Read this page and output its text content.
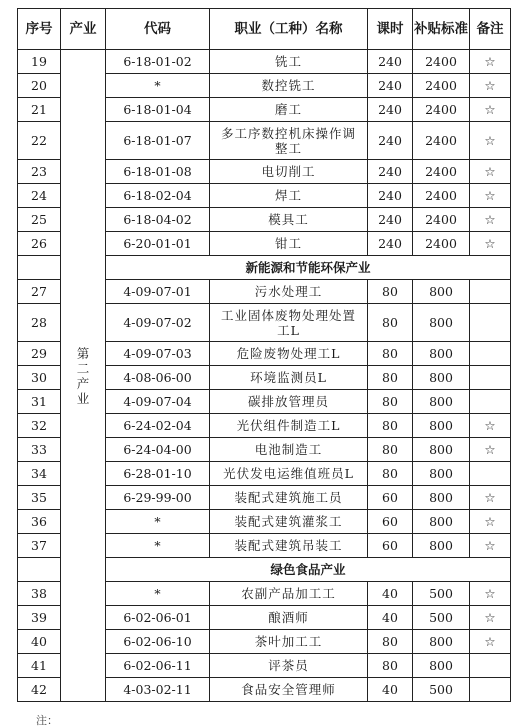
序号	产业	代码	职业（工种）名称	课时	补贴标准	备注
19	第二产业	6-18-01-02	铣工	240	2400	☆
20		*	数控铣工	240	2400	☆
21		6-18-01-04	磨工	240	2400	☆
22		6-18-01-07	多工序数控机床操作调整工	240	2400	☆
23		6-18-01-08	电切削工	240	2400	☆
24		6-18-02-04	焊工	240	2400	☆
25		6-18-04-02	模具工	240	2400	☆
26		6-20-01-01	钳工	240	2400	☆
		新能源和节能环保产业				
27		4-09-07-01	污水处理工	80	800	
28		4-09-07-02	工业固体废物处理处置工L	80	800	
29		4-09-07-03	危险废物处理工L	80	800	
30		4-08-06-00	环境监测员L	80	800	
31		4-09-07-04	碳排放管理员	80	800	
32		6-24-02-04	光伏组件制造工L	80	800	☆
33		6-24-04-00	电池制造工	80	800	☆
34		6-28-01-10	光伏发电运维值班员L	80	800	
35		6-29-99-00	装配式建筑施工员	60	800	☆
36		*	装配式建筑灌浆工	60	800	☆
37		*	装配式建筑吊装工	60	800	☆
		绿色食品产业				
38		*	农副产品加工工	40	500	☆
39		6-02-06-01	酿酒师	40	500	☆
40		6-02-06-10	茶叶加工工	80	800	☆
41		6-02-06-11	评茶员	80	800	
42		4-03-02-11	食品安全管理师	40	500	
注：
